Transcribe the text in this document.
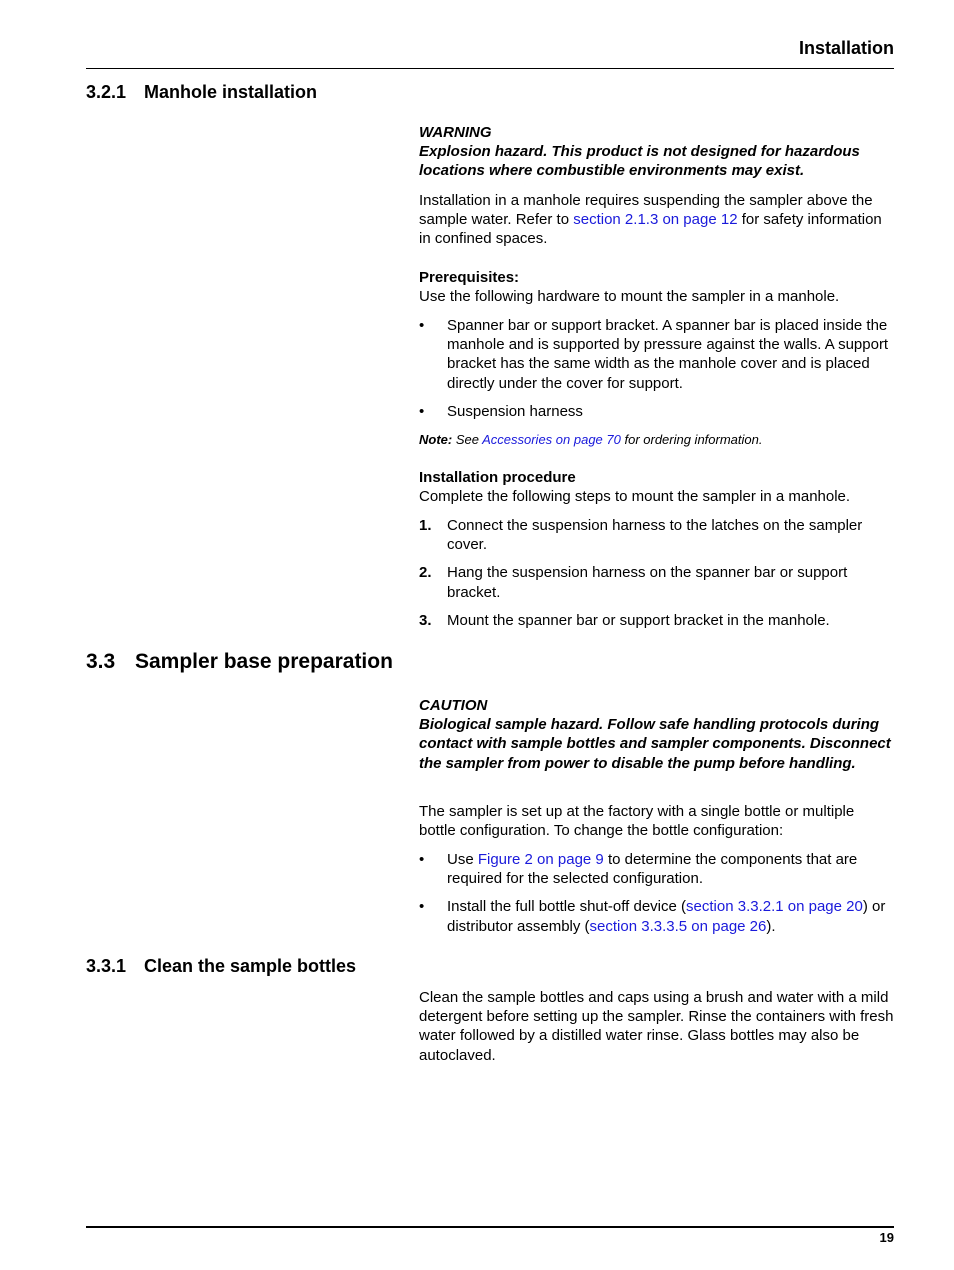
Installation
3.2.1 Manhole installation

WARNING

Explosion hazard. This product is not designed for hazardous locations where combustible environments may exist.

Installation in a manhole requires suspending the sampler above the sample water. Refer to section 2.1.3 on page 12 for safety information in confined spaces.

Prerequisites:

Use the following hardware to mount the sampler in a manhole.

• Spanner bar or support bracket. A spanner bar is placed inside the manhole and is supported by pressure against the walls. A support bracket has the same width as the manhole cover and is placed directly under the cover for support.
• Suspension harness
Note: See Accessories on page 70 for ordering information.

Installation procedure

Complete the following steps to mount the sampler in a manhole.

1. Connect the suspension harness to the latches on the sampler cover.
2. Hang the suspension harness on the spanner bar or support bracket.
3. Mount the spanner bar or support bracket in the manhole.
3.3 Sampler base preparation

CAUTION

Biological sample hazard. Follow safe handling protocols during contact with sample bottles and sampler components. Disconnect the sampler from power to disable the pump before handling.

The sampler is set up at the factory with a single bottle or multiple bottle configuration. To change the bottle configuration:

• Use Figure 2 on page 9 to determine the components that are required for the selected configuration.
• Install the full bottle shut-off device (section 3.3.2.1 on page 20) or distributor assembly (section 3.3.3.5 on page 26).
3.3.1 Clean the sample bottles

Clean the sample bottles and caps using a brush and water with a mild detergent before setting up the sampler. Rinse the containers with fresh water followed by a distilled water rinse. Glass bottles may also be autoclaved.

19
